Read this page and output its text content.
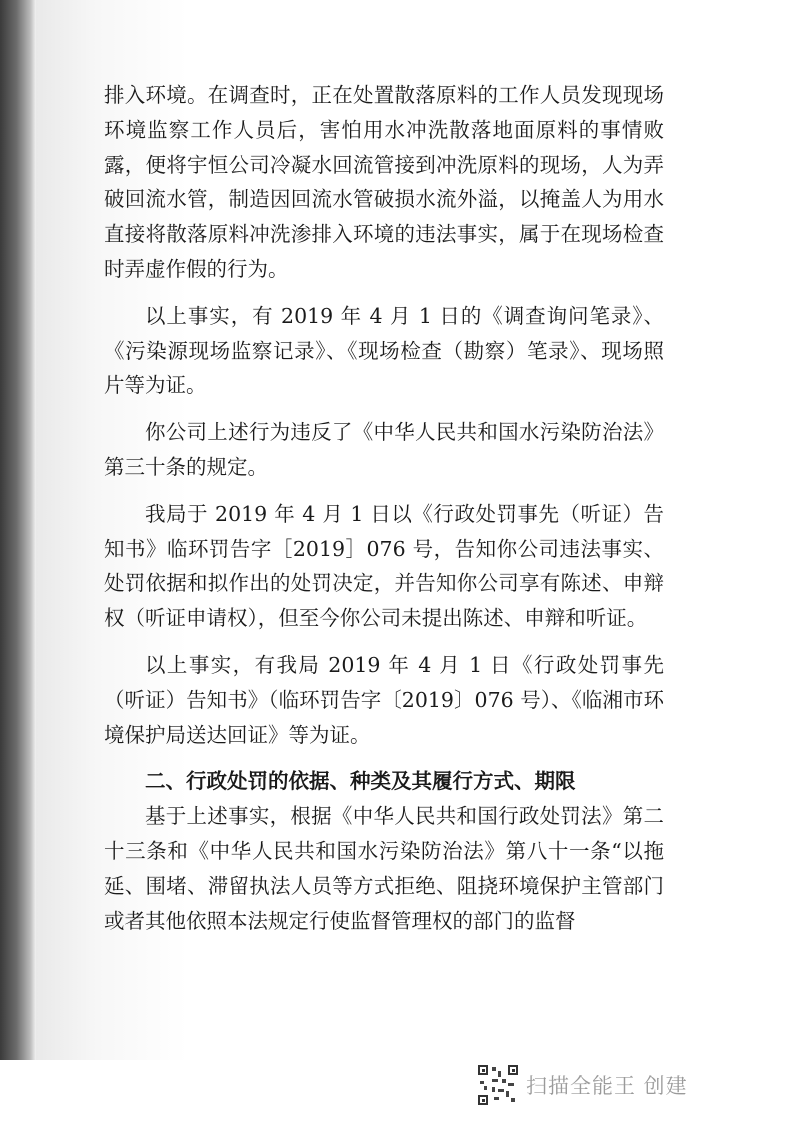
排入环境。在调查时，正在处置散落原料的工作人员发现现场环境监察工作人员后，害怕用水冲洗散落地面原料的事情败露，便将宇恒公司冷凝水回流管接到冲洗原料的现场，人为弄破回流水管，制造因回流水管破损水流外溢，以掩盖人为用水直接将散落原料冲洗渗排入环境的违法事实，属于在现场检查时弄虚作假的行为。

以上事实，有 2019 年 4 月 1 日的《调查询问笔录》、《污染源现场监察记录》、《现场检查（勘察）笔录》、现场照片等为证。

你公司上述行为违反了《中华人民共和国水污染防治法》第三十条的规定。

我局于 2019 年 4 月 1 日以《行政处罚事先（听证）告知书》临环罚告字［2019］076 号，告知你公司违法事实、处罚依据和拟作出的处罚决定，并告知你公司享有陈述、申辩权（听证申请权），但至今你公司未提出陈述、申辩和听证。

以上事实，有我局 2019 年 4 月 1 日《行政处罚事先（听证）告知书》（临环罚告字〔2019〕076 号）、《临湘市环境保护局送达回证》等为证。

二、行政处罚的依据、种类及其履行方式、期限

基于上述事实，根据《中华人民共和国行政处罚法》第二十三条和《中华人民共和国水污染防治法》第八十一条“以拖延、围堵、滞留执法人员等方式拒绝、阻挠环境保护主管部门或者其他依照本法规定行使监督管理权的部门的监督

扫描全能王 创建
